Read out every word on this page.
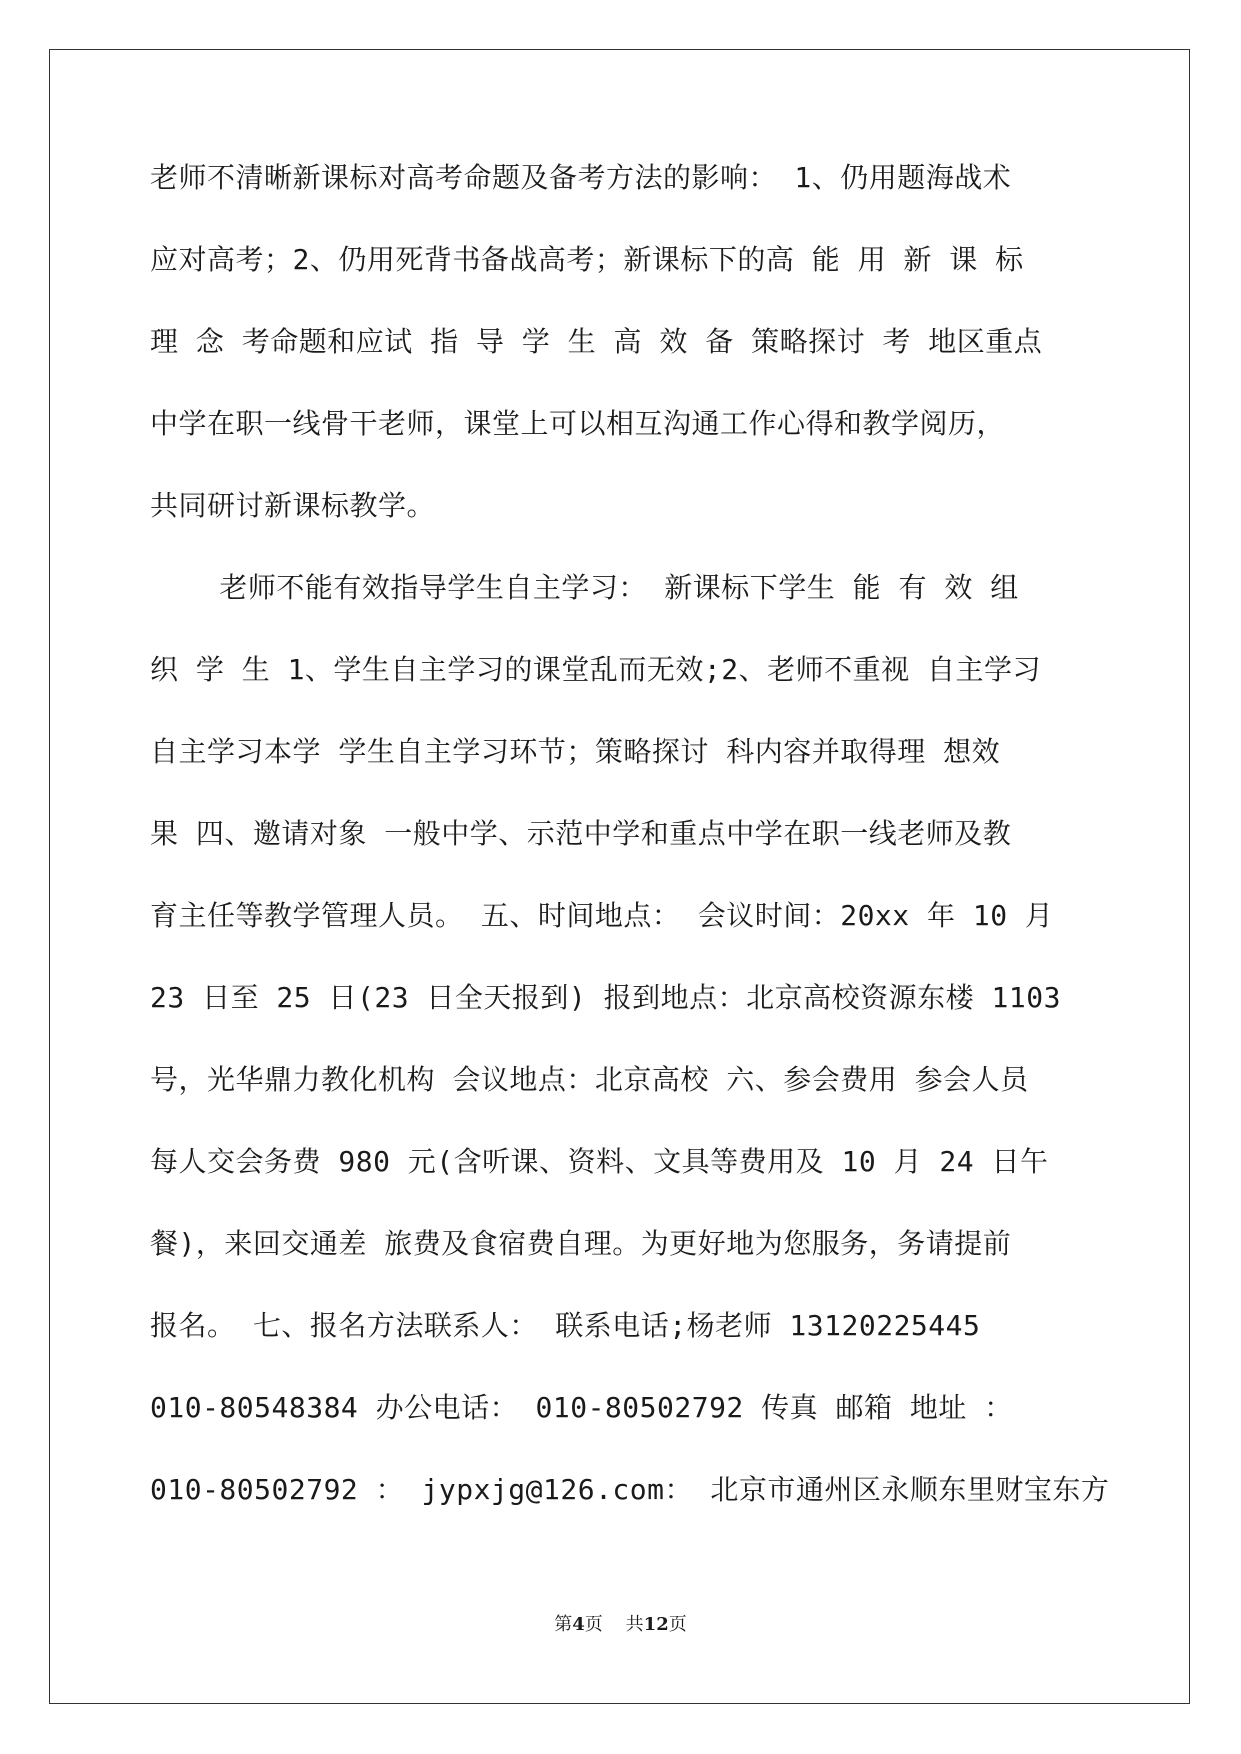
老师不清晰新课标对高考命题及备考方法的影响： 1、仍用题海战术
应对高考；2、仍用死背书备战高考；新课标下的高 能 用 新 课 标
理 念 考命题和应试 指 导 学 生 高 效 备 策略探讨 考 地区重点
中学在职一线骨干老师，课堂上可以相互沟通工作心得和教学阅历，
共同研讨新课标教学。
老师不能有效指导学生自主学习： 新课标下学生 能 有 效 组
织 学 生 1、学生自主学习的课堂乱而无效;2、老师不重视 自主学习
自主学习本学 学生自主学习环节；策略探讨 科内容并取得理 想效
果 四、邀请对象 一般中学、示范中学和重点中学在职一线老师及教
育主任等教学管理人员。 五、时间地点： 会议时间：20xx 年 10 月
23 日至 25 日(23 日全天报到) 报到地点：北京高校资源东楼 1103
号，光华鼎力教化机构 会议地点：北京高校 六、参会费用 参会人员
每人交会务费 980 元(含听课、资料、文具等费用及 10 月 24 日午
餐)，来回交通差 旅费及食宿费自理。为更好地为您服务，务请提前
报名。 七、报名方法联系人： 联系电话;杨老师 13120225445
010-80548384 办公电话： 010-80502792 传真 邮箱 地址 ：
010-80502792 ： jypxjg@126.com： 北京市通州区永顺东里财宝东方
第4页 共12页
